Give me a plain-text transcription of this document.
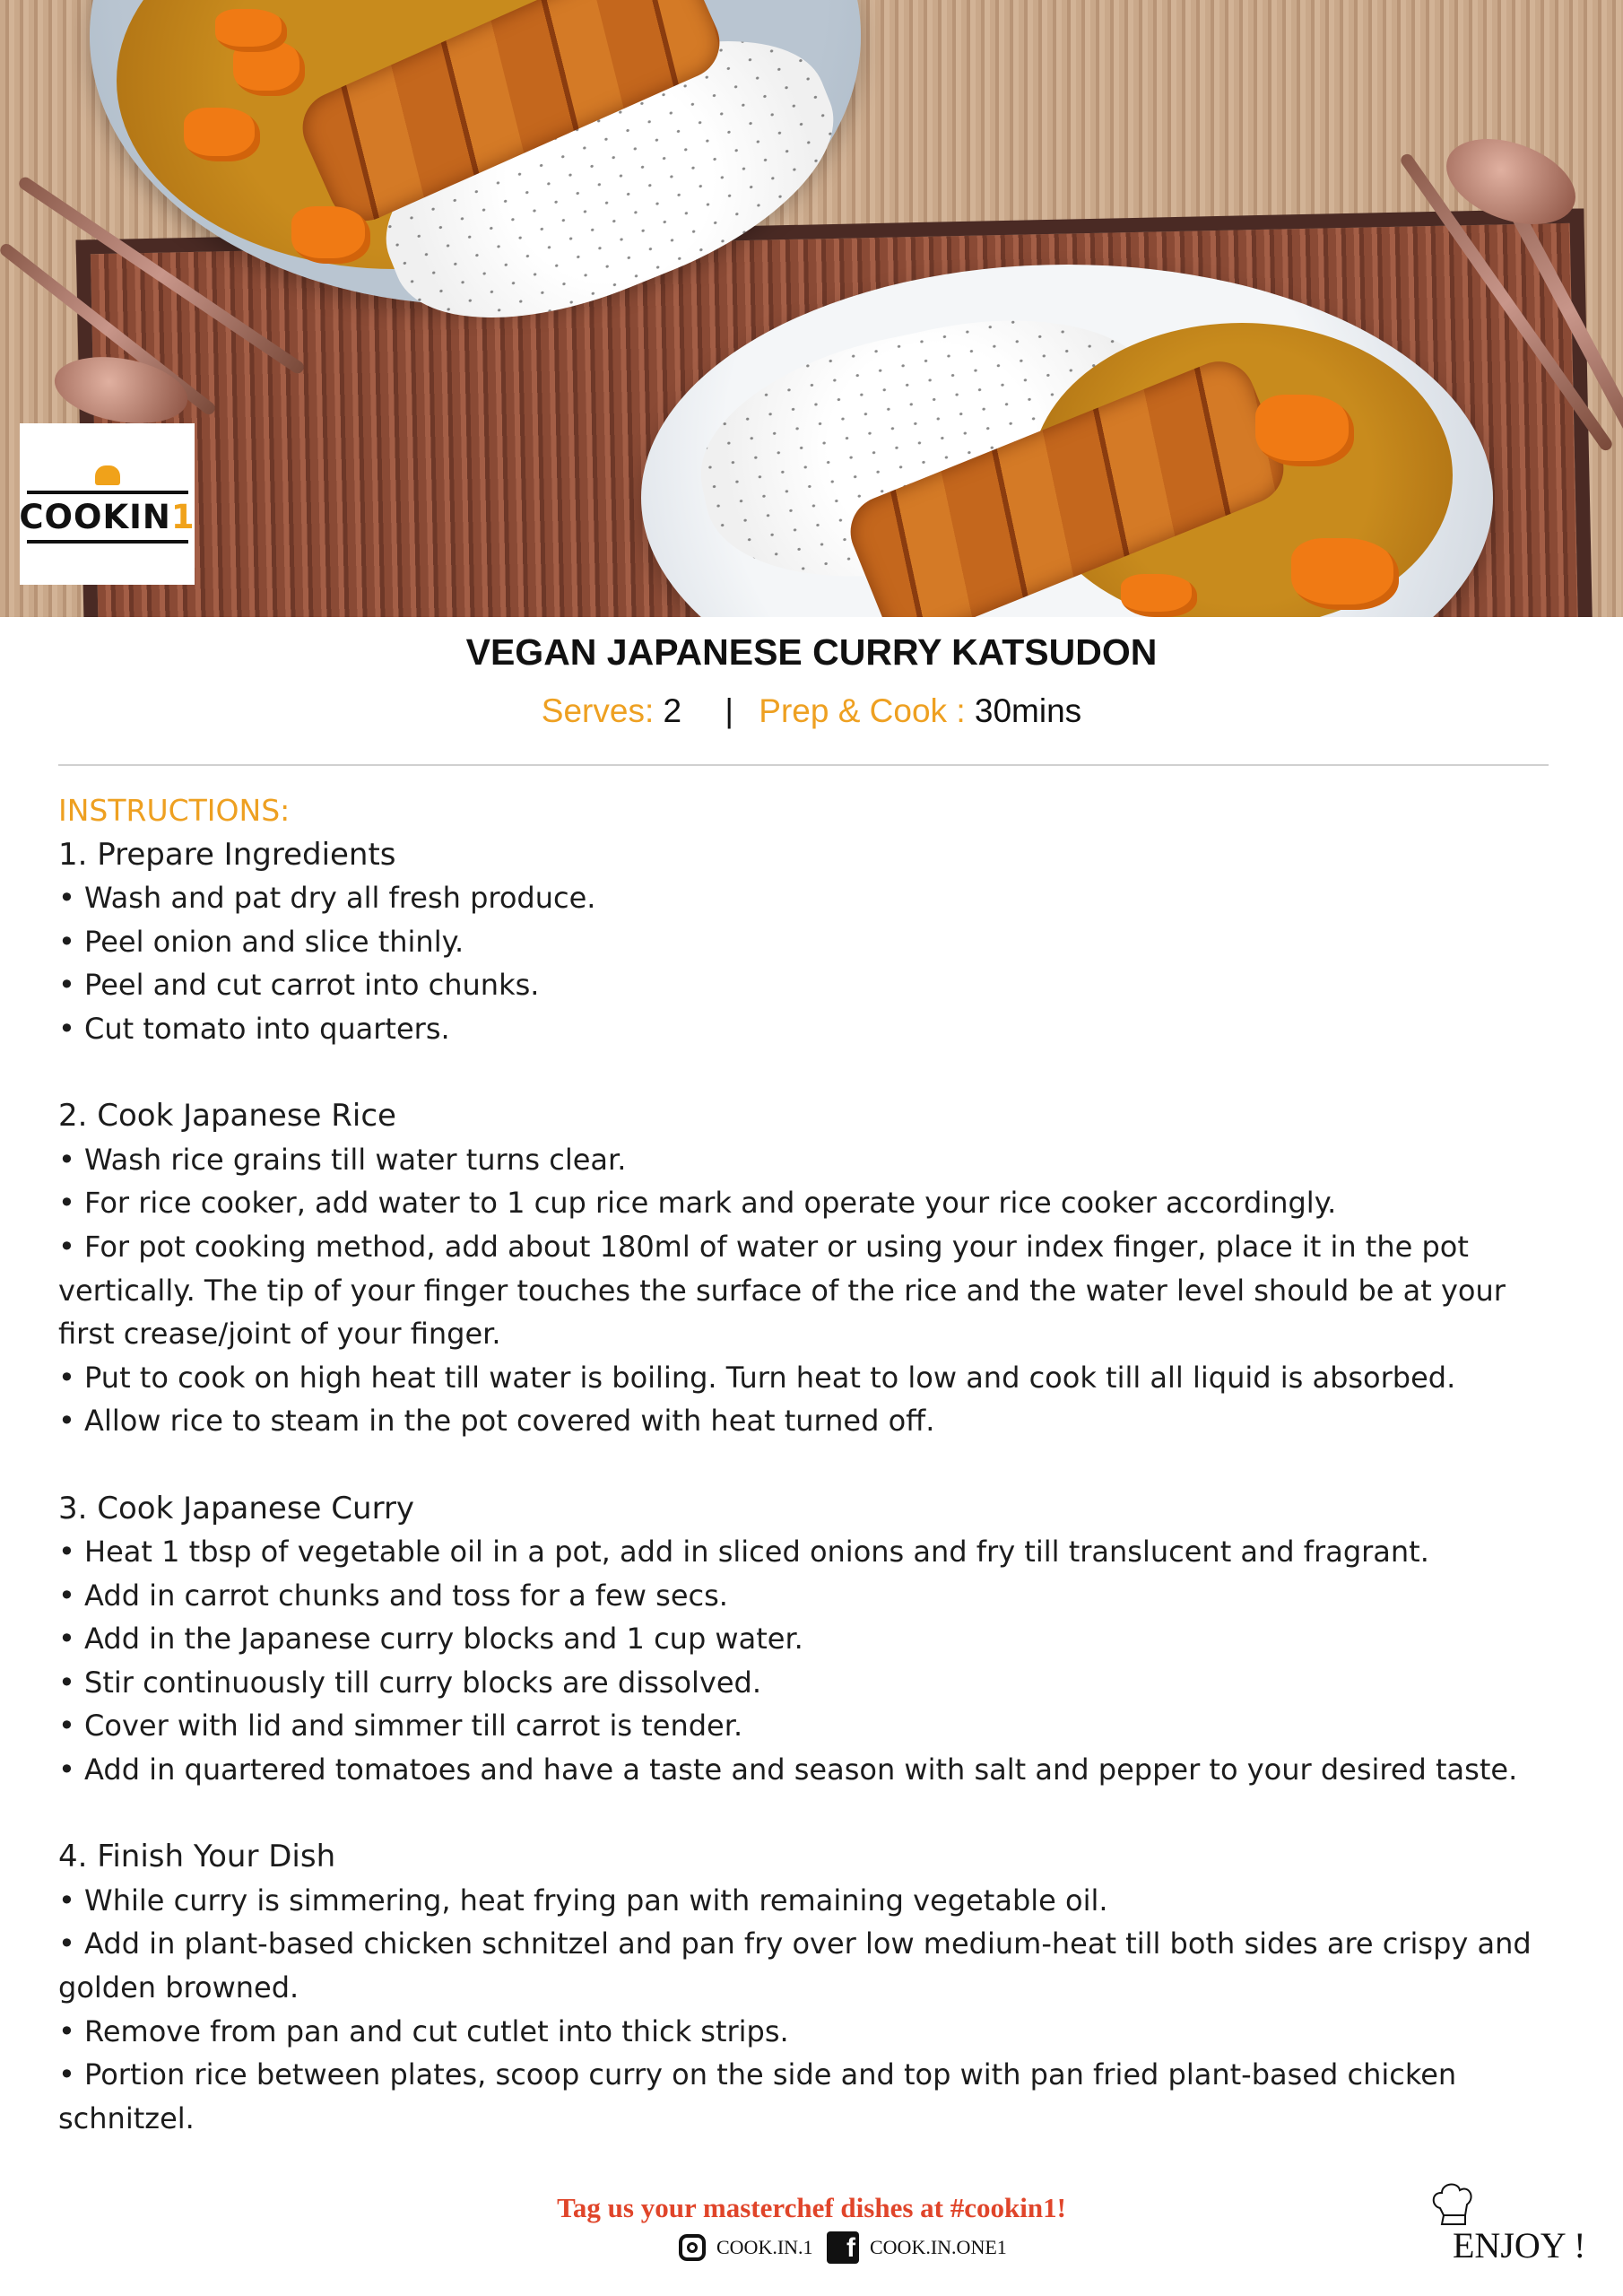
COOKIN1
VEGAN JAPANESE CURRY KATSUDON
Serves: 2 | Prep & Cook : 30mins
INSTRUCTIONS:
1. Prepare Ingredients
• Wash and pat dry all fresh produce.
• Peel onion and slice thinly.
• Peel and cut carrot into chunks.
• Cut tomato into quarters.
2. Cook Japanese Rice
• Wash rice grains till water turns clear.
• For rice cooker, add water to 1 cup rice mark and operate your rice cooker accordingly.
• For pot cooking method, add about 180ml of water or using your index finger, place it in the pot vertically. The tip of your finger touches the surface of the rice and the water level should be at your first crease/joint of your finger.
• Put to cook on high heat till water is boiling. Turn heat to low and cook till all liquid is absorbed.
• Allow rice to steam in the pot covered with heat turned off.
3. Cook Japanese Curry
• Heat 1 tbsp of vegetable oil in a pot, add in sliced onions and fry till translucent and fragrant.
• Add in carrot chunks and toss for a few secs.
• Add in the Japanese curry blocks and 1 cup water.
• Stir continuously till curry blocks are dissolved.
• Cover with lid and simmer till carrot is tender.
• Add in quartered tomatoes and have a taste and season with salt and pepper to your desired taste.
4. Finish Your Dish
• While curry is simmering, heat frying pan with remaining vegetable oil.
• Add in plant-based chicken schnitzel and pan fry over low medium-heat till both sides are crispy and golden browned.
• Remove from pan and cut cutlet into thick strips.
• Portion rice between plates, scoop curry on the side and top with pan fried plant-based chicken schnitzel.
Tag us your masterchef dishes at #cookin1!
COOK.IN.1	f COOK.IN.ONE1	ENJOY !
